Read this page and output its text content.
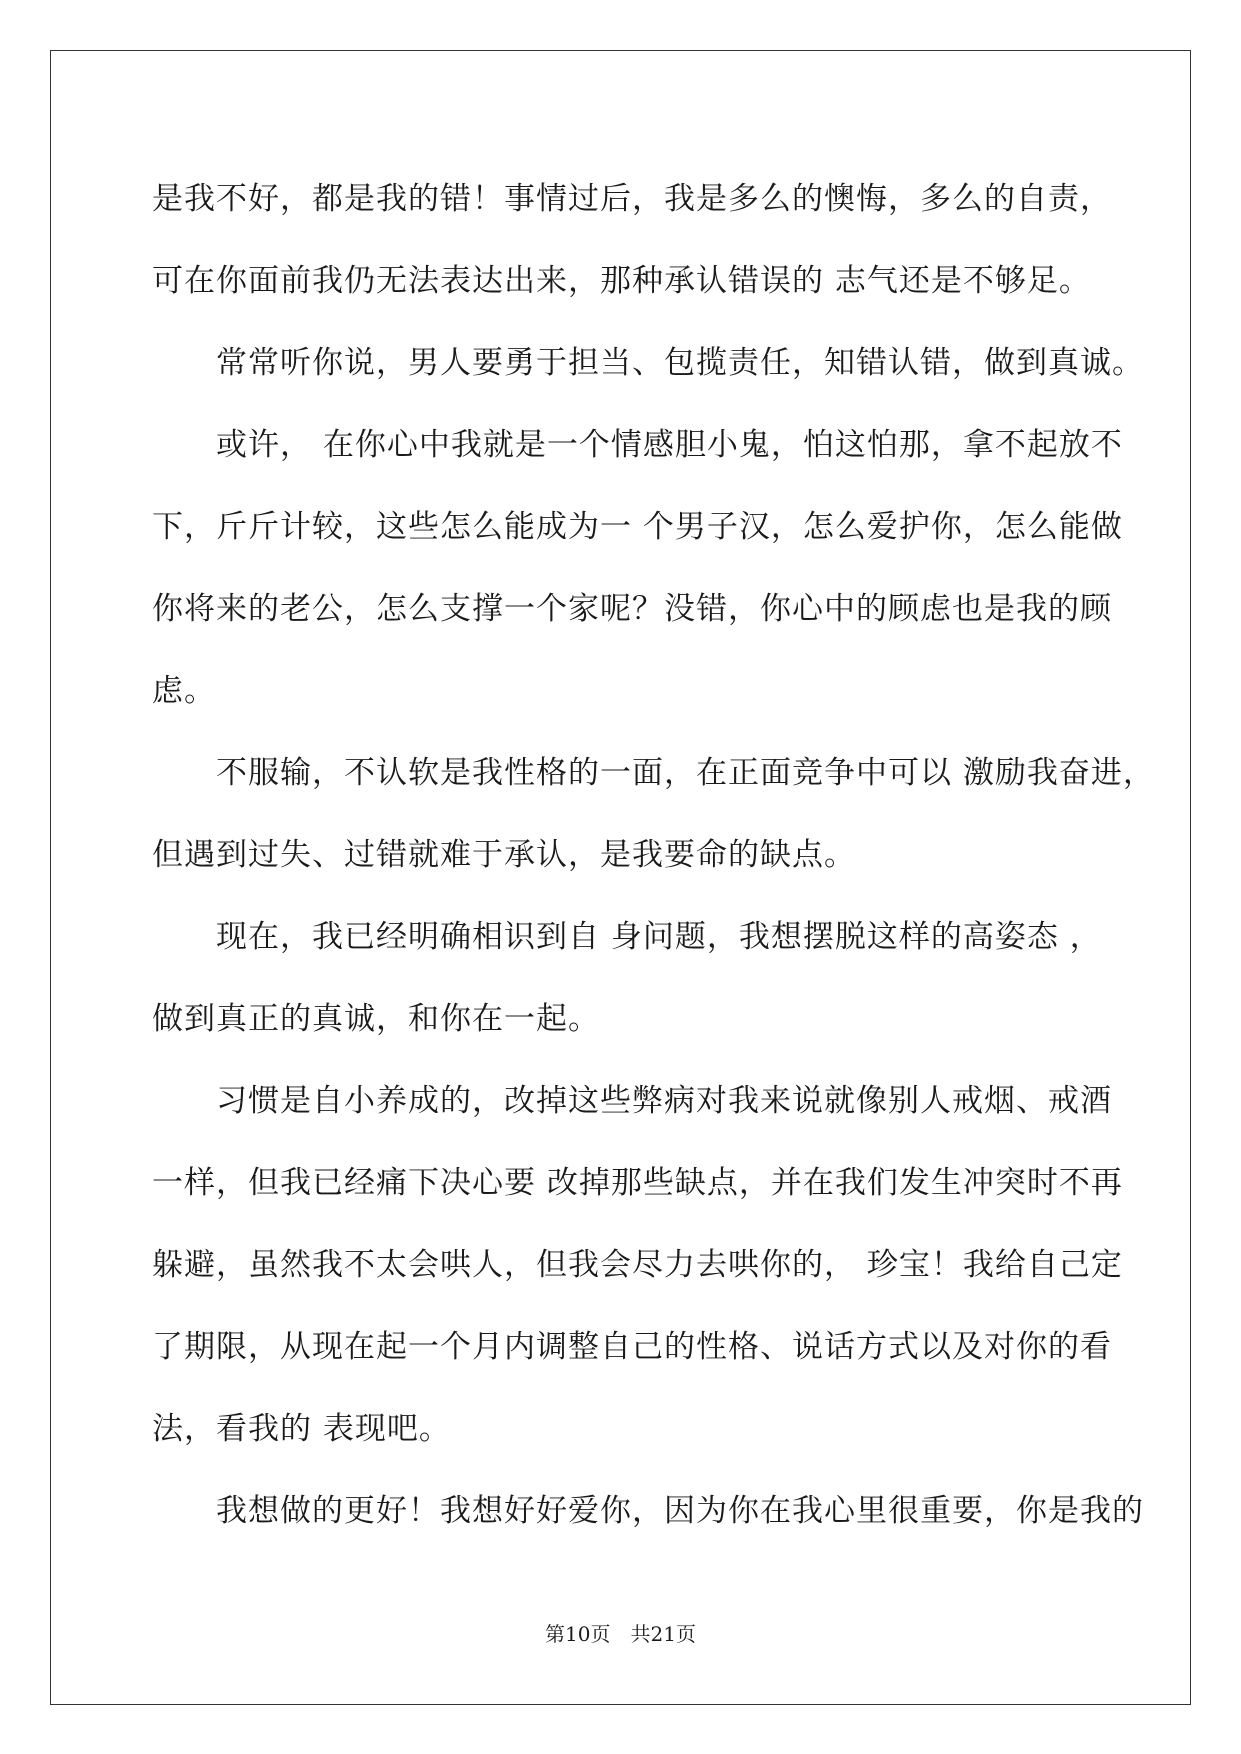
是我不好，都是我的错！事情过后，我是多么的懊悔，多么的自责，
可在你面前我仍无法表达出来，那种承认错误的 志气还是不够足。
常常听你说，男人要勇于担当、包揽责任，知错认错，做到真诚。
或许， 在你心中我就是一个情感胆小鬼，怕这怕那，拿不起放不
下，斤斤计较，这些怎么能成为一 个男子汉，怎么爱护你，怎么能做
你将来的老公，怎么支撑一个家呢？没错，你心中的顾虑也是我的顾
虑。
不服输，不认软是我性格的一面，在正面竞争中可以 激励我奋进，
但遇到过失、过错就难于承认，是我要命的缺点。
现在，我已经明确相识到自 身问题，我想摆脱这样的高姿态 ，
做到真正的真诚，和你在一起。
习惯是自小养成的，改掉这些弊病对我来说就像别人戒烟、戒酒
一样，但我已经痛下决心要 改掉那些缺点，并在我们发生冲突时不再
躲避，虽然我不太会哄人，但我会尽力去哄你的， 珍宝！我给自己定
了期限，从现在起一个月内调整自己的性格、说话方式以及对你的看
法，看我的 表现吧。
我想做的更好！我想好好爱你，因为你在我心里很重要，你是我的
第10页 共21页
